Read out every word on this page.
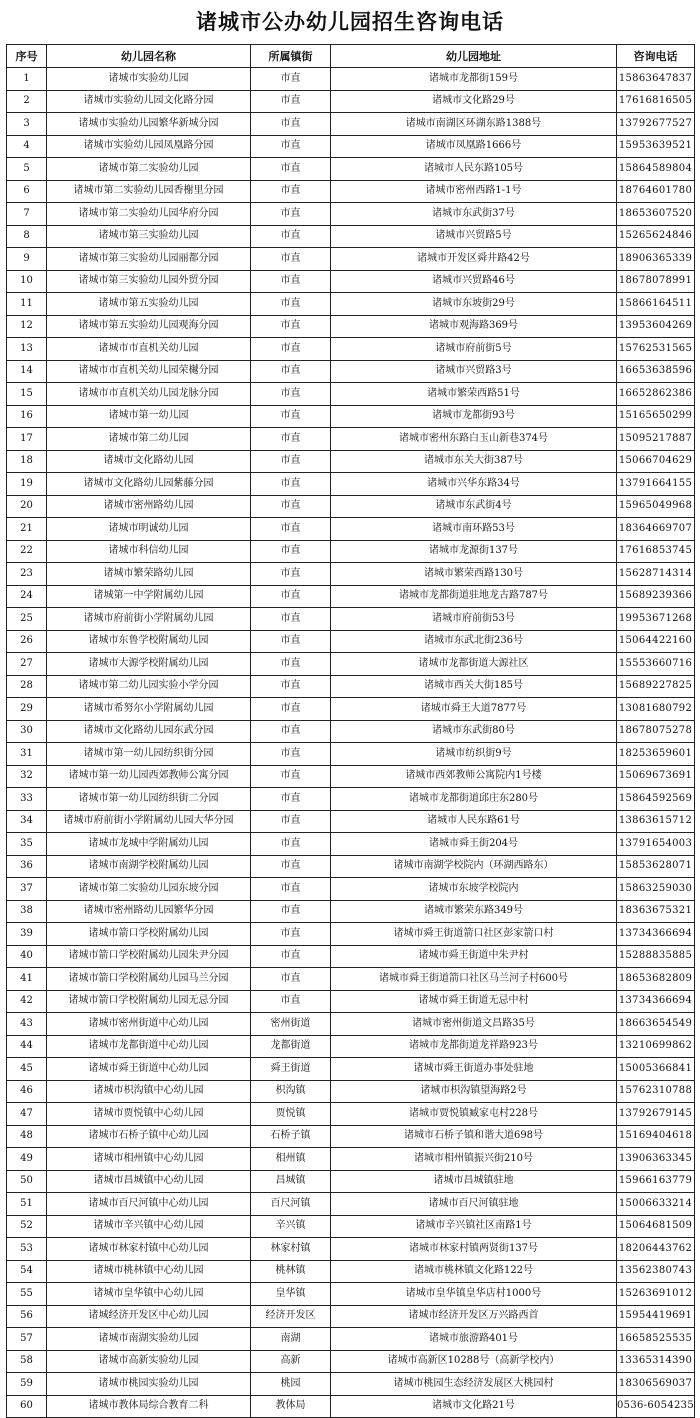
诸城市公办幼儿园招生咨询电话
序号	幼儿园名称	所属镇街	幼儿园地址	咨询电话
1	诸城市实验幼儿园	市直	诸城市龙都街159号	15863647837
2	诸城市实验幼儿园文化路分园	市直	诸城市文化路29号	17616816505
3	诸城市实验幼儿园繁华新城分园	市直	诸城市南湖区环湖东路1388号	13792677527
4	诸城市实验幼儿园凤凰路分园	市直	诸城市凤凰路1666号	15953639521
5	诸城市第二实验幼儿园	市直	诸城市人民东路105号	15864589804
6	诸城市第二实验幼儿园香榭里分园	市直	诸城市密州西路1-1号	18764601780
7	诸城市第二实验幼儿园华府分园	市直	诸城市东武街37号	18653607520
8	诸城市第三实验幼儿园	市直	诸城市兴贸路5号	15265624846
9	诸城市第三实验幼儿园丽都分园	市直	诸城市开发区舜井路42号	18906365339
10	诸城市第三实验幼儿园外贸分园	市直	诸城市兴贸路46号	18678078991
11	诸城市第五实验幼儿园	市直	诸城市东坡街29号	15866164511
12	诸城市第五实验幼儿园观海分园	市直	诸城市观海路369号	13953604269
13	诸城市市直机关幼儿园	市直	诸城市府前街5号	15762531565
14	诸城市市直机关幼儿园荣樾分园	市直	诸城市兴贸路3号	16653638596
15	诸城市市直机关幼儿园龙脉分园	市直	诸城市繁荣西路51号	16652862386
16	诸城市第一幼儿园	市直	诸城市龙都街93号	15165650299
17	诸城市第二幼儿园	市直	诸城市密州东路白玉山新巷374号	15095217887
18	诸城市文化路幼儿园	市直	诸城市东关大街387号	15066704629
19	诸城市文化路幼儿园紫藤分园	市直	诸城市兴华东路34号	13791664155
20	诸城市密州路幼儿园	市直	诸城市东武街4号	15965049968
21	诸城市明诚幼儿园	市直	诸城市南环路53号	18364669707
22	诸城市科信幼儿园	市直	诸城市龙源街137号	17616853745
23	诸城市繁荣路幼儿园	市直	诸城市繁荣西路130号	15628714314
24	诸城第一中学附属幼儿园	市直	诸城市龙都街道驻地龙古路787号	15689239366
25	诸城市府前街小学附属幼儿园	市直	诸城市府前街53号	19953671268
26	诸城市东鲁学校附属幼儿园	市直	诸城市东武北街236号	15064422160
27	诸城市大源学校附属幼儿园	市直	诸城市龙都街道大源社区	15553660716
28	诸城市第二幼儿园实验小学分园	市直	诸城市西关大街185号	15689227825
29	诸城市希努尔小学附属幼儿园	市直	诸城市舜王大道7877号	13081680792
30	诸城市文化路幼儿园东武分园	市直	诸城市东武街80号	18678075278
31	诸城市第一幼儿园纺织街分园	市直	诸城市纺织街9号	18253659601
32	诸城市第一幼儿园西郊教师公寓分园	市直	诸城市西郊教师公寓院内1号楼	15069673691
33	诸城市第一幼儿园纺织街二分园	市直	诸城市龙都街道邱庄东280号	15864592569
34	诸城市府前街小学附属幼儿园大华分园	市直	诸城市人民东路61号	13863615712
35	诸城市龙城中学附属幼儿园	市直	诸城市舜王街204号	13791654003
36	诸城市南湖学校附属幼儿园	市直	诸城市南湖学校院内（环湖西路东）	15853628071
37	诸城市第二实验幼儿园东坡分园	市直	诸城市东坡学校院内	15863259030
38	诸城市密州路幼儿园繁华分园	市直	诸城市繁荣东路349号	18363675321
39	诸城市箭口学校附属幼儿园	市直	诸城市舜王街道箭口社区彭家箭口村	13734366694
40	诸城市箭口学校附属幼儿园朱尹分园	市直	诸城市舜王街道中朱尹村	15288835885
41	诸城市箭口学校附属幼儿园马兰分园	市直	诸城市舜王街道箭口社区马兰河子村600号	18653682809
42	诸城市箭口学校附属幼儿园无忌分园	市直	诸城市舜王街道无忌中村	13734366694
43	诸城市密州街道中心幼儿园	密州街道	诸城市密州街道文昌路35号	18663654549
44	诸城市龙都街道中心幼儿园	龙都街道	诸城市龙都街道龙祥路923号	13210699862
45	诸城市舜王街道中心幼儿园	舜王街道	诸城市舜王街道办事处驻地	15005366841
46	诸城市枳沟镇中心幼儿园	枳沟镇	诸城市枳沟镇望海路2号	15762310788
47	诸城市贾悦镇中心幼儿园	贾悦镇	诸城市贾悦镇臧家屯村228号	13792679145
48	诸城市石桥子镇中心幼儿园	石桥子镇	诸城市石桥子镇和谐大道698号	15169404618
49	诸城市相州镇中心幼儿园	相州镇	诸城市相州镇振兴街210号	13906363345
50	诸城市昌城镇中心幼儿园	昌城镇	诸城市昌城镇驻地	15966163779
51	诸城市百尺河镇中心幼儿园	百尺河镇	诸城市百尺河镇驻地	15006633214
52	诸城市辛兴镇中心幼儿园	辛兴镇	诸城市辛兴镇社区南路1号	15064681509
53	诸城市林家村镇中心幼儿园	林家村镇	诸城市林家村镇两贤街137号	18206443762
54	诸城市桃林镇中心幼儿园	桃林镇	诸城市桃林镇文化路122号	13562380743
55	诸城市皇华镇中心幼儿园	皇华镇	诸城市皇华镇皇华店村1000号	15263691012
56	诸城经济开发区中心幼儿园	经济开发区	诸城市经济开发区万兴路西首	15954419691
57	诸城市南湖实验幼儿园	南湖	诸城市旅游路401号	16658525535
58	诸城市高新实验幼儿园	高新	诸城市高新区10288号（高新学校内）	13365314390
59	诸城市桃园实验幼儿园	桃园	诸城市桃园生态经济发展区大桃园村	18306569037
60	诸城市教体局综合教育二科	教体局	诸城市文化路21号	0536-6054235
